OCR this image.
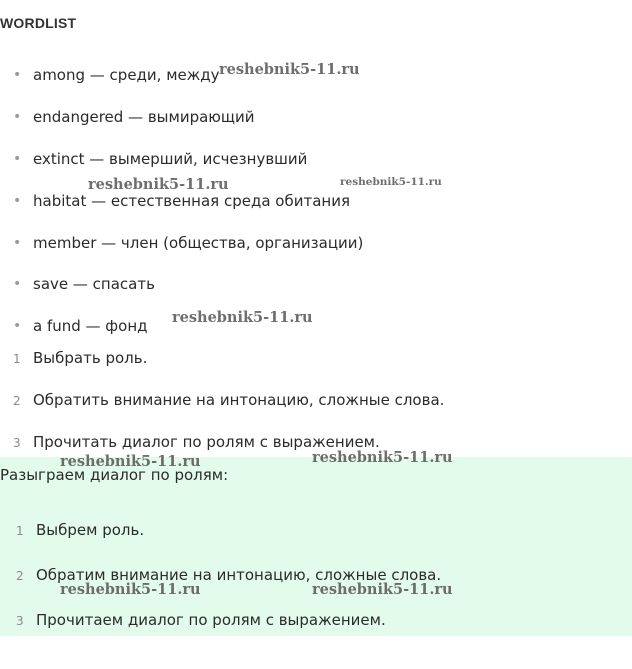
WORDLIST
• among — среди, между
• endangered — вымирающий
• extinct — вымерший, исчезнувший
• habitat — естественная среда обитания
• member — член (общества, организации)
• save — спасать
• a fund — фонд
1 Выбрать роль.
2 Обратить внимание на интонацию, сложные слова.
3 Прочитать диалог по ролям с выражением.
Разыграем диалог по ролям:
1 Выбрем роль.
2 Обратим внимание на интонацию, сложные слова.
3 Прочитаем диалог по ролям с выражением.
reshebnik5-11.ru
reshebnik5-11.ru	reshebnik5-11.ru
reshebnik5-11.ru
reshebnik5-11.ru	reshebnik5-11.ru
reshebnik5-11.ru	reshebnik5-11.ru
